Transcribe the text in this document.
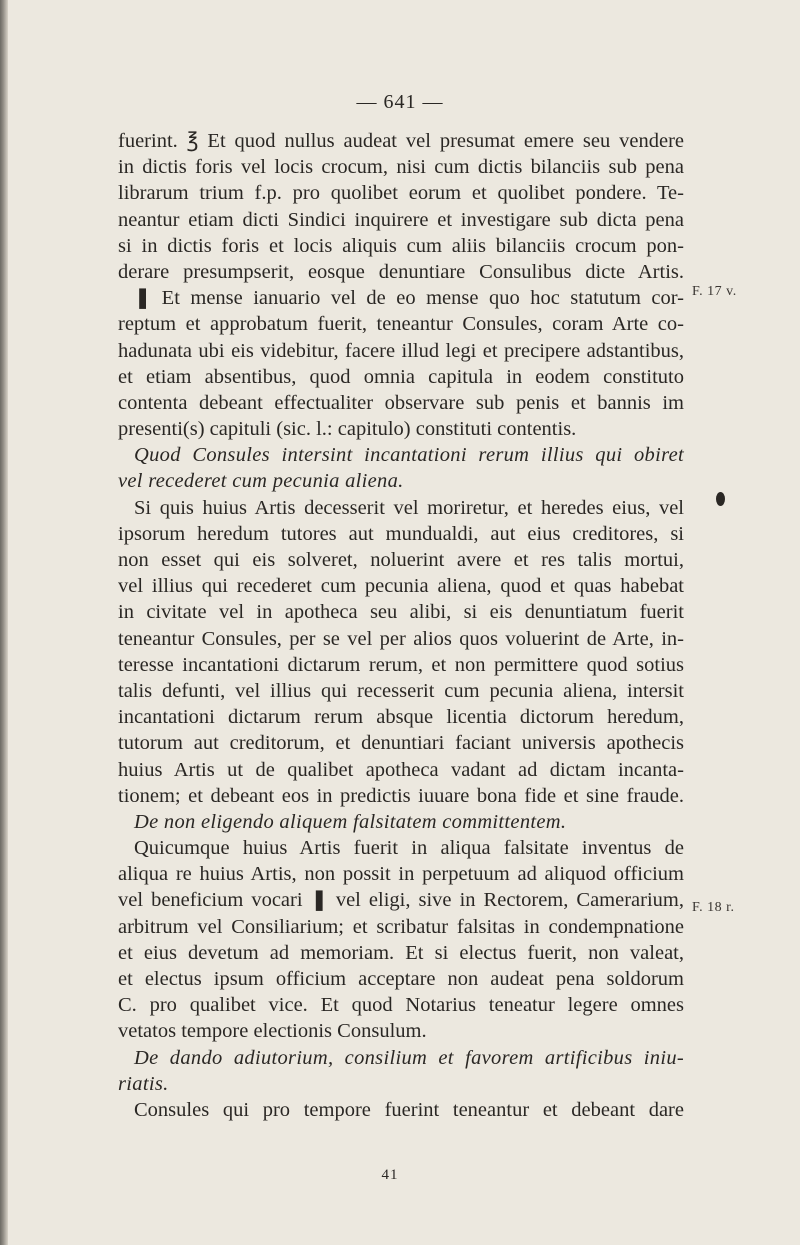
— 641 —
fuerint. ℥ Et quod nullus audeat vel presumat emere seu vendere
in dictis foris vel locis crocum, nisi cum dictis bilanciis sub pena
librarum trium f.p. pro quolibet eorum et quolibet pondere. Te-
neantur etiam dicti Sindici inquirere et investigare sub dicta pena
si in dictis foris et locis aliquis cum aliis bilanciis crocum pon-
derare presumpserit, eosque denuntiare Consulibus dicte Artis.
❚ Et mense ianuario vel de eo mense quo hoc statutum cor-
reptum et approbatum fuerit, teneantur Consules, coram Arte co-
hadunata ubi eis videbitur, facere illud legi et precipere adstantibus,
et etiam absentibus, quod omnia capitula in eodem constituto
contenta debeant effectualiter observare sub penis et bannis im
presenti(s) capituli (sic. l.: capitulo) constituti contentis.
Quod Consules intersint incantationi rerum illius qui obiret
vel recederet cum pecunia aliena.
Si quis huius Artis decesserit vel moriretur, et heredes eius, vel
ipsorum heredum tutores aut mundualdi, aut eius creditores, si
non esset qui eis solveret, noluerint avere et res talis mortui,
vel illius qui recederet cum pecunia aliena, quod et quas habebat
in civitate vel in apotheca seu alibi, si eis denuntiatum fuerit
teneantur Consules, per se vel per alios quos voluerint de Arte, in-
teresse incantationi dictarum rerum, et non permittere quod sotius
talis defunti, vel illius qui recesserit cum pecunia aliena, intersit
incantationi dictarum rerum absque licentia dictorum heredum,
tutorum aut creditorum, et denuntiari faciant universis apothecis
huius Artis ut de qualibet apotheca vadant ad dictam incanta-
tionem; et debeant eos in predictis iuuare bona fide et sine fraude.
De non eligendo aliquem falsitatem committentem.
Quicumque huius Artis fuerit in aliqua falsitate inventus de
aliqua re huius Artis, non possit in perpetuum ad aliquod officium
vel beneficium vocari ❚ vel eligi, sive in Rectorem, Camerarium,
arbitrum vel Consiliarium; et scribatur falsitas in condempnatione
et eius devetum ad memoriam. Et si electus fuerit, non valeat,
et electus ipsum officium acceptare non audeat pena soldorum
C. pro qualibet vice. Et quod Notarius teneatur legere omnes
vetatos tempore electionis Consulum.
De dando adiutorium, consilium et favorem artificibus iniu-
riatis.
Consules qui pro tempore fuerint teneantur et debeant dare
F. 17 v.
F. 18 r.
41
